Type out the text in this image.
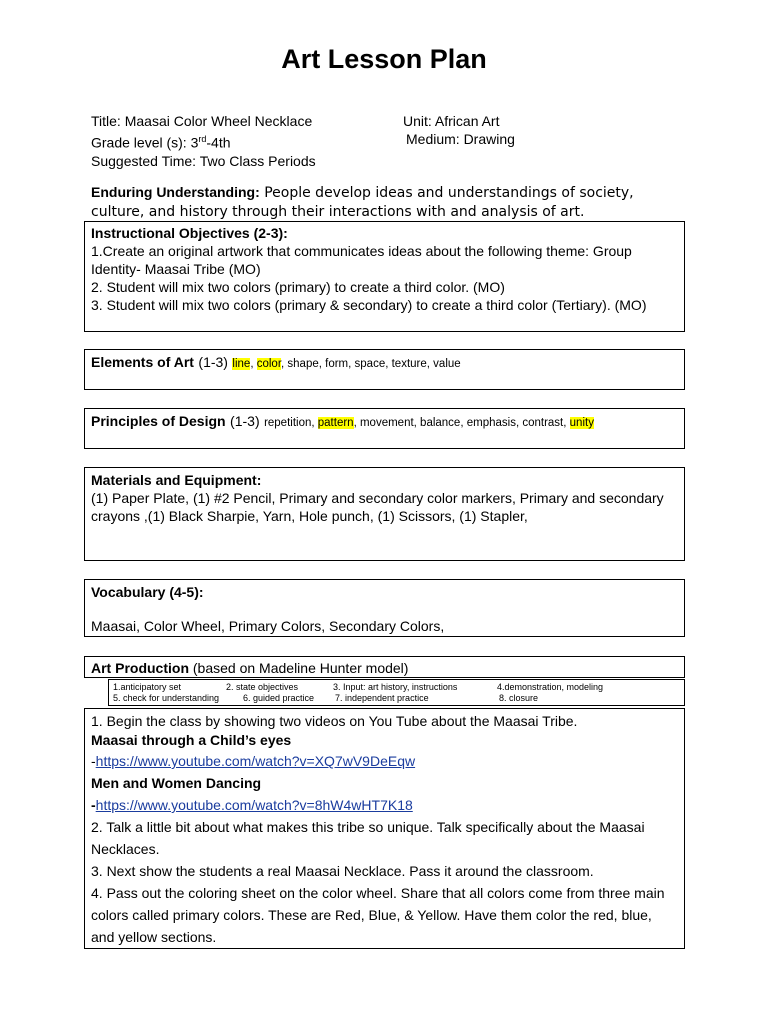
Art Lesson Plan
Title: Maasai Color Wheel Necklace
Grade level (s): 3rd-4th
Suggested Time: Two Class Periods
Unit: African Art
Medium: Drawing
Enduring Understanding: People develop ideas and understandings of society, culture, and history through their interactions with and analysis of art.
Instructional Objectives (2-3):
1.Create an original artwork that communicates ideas about the following theme: Group Identity- Maasai Tribe (MO)
2. Student will mix two colors (primary) to create a third color. (MO)
3. Student will mix two colors (primary & secondary) to create a third color (Tertiary). (MO)
Elements of Art (1-3) line, color, shape, form, space, texture, value
Principles of Design (1-3) repetition, pattern, movement, balance, emphasis, contrast, unity
Materials and Equipment:
(1) Paper Plate, (1) #2 Pencil, Primary and secondary color markers, Primary and secondary crayons ,(1) Black Sharpie, Yarn, Hole punch, (1) Scissors, (1) Stapler,
Vocabulary (4-5):
Maasai, Color Wheel, Primary Colors, Secondary Colors,
Art Production (based on Madeline Hunter model)
1.anticipatory set	2. state objectives	3. Input: art history, instructions	4.demonstration, modeling
5. check for understanding	6. guided practice 7. independent practice	8. closure

1. Begin the class by showing two videos on You Tube about the Maasai Tribe.

Maasai through a Child’s eyes

-https://www.youtube.com/watch?v=XQ7wV9DeEqw

Men and Women Dancing

-https://www.youtube.com/watch?v=8hW4wHT7K18

2. Talk a little bit about what makes this tribe so unique. Talk specifically about the Maasai Necklaces.

3. Next show the students a real Maasai Necklace. Pass it around the classroom.

4. Pass out the coloring sheet on the color wheel. Share that all colors come from three main colors called primary colors. These are Red, Blue, & Yellow. Have them color the red, blue, and yellow sections.
